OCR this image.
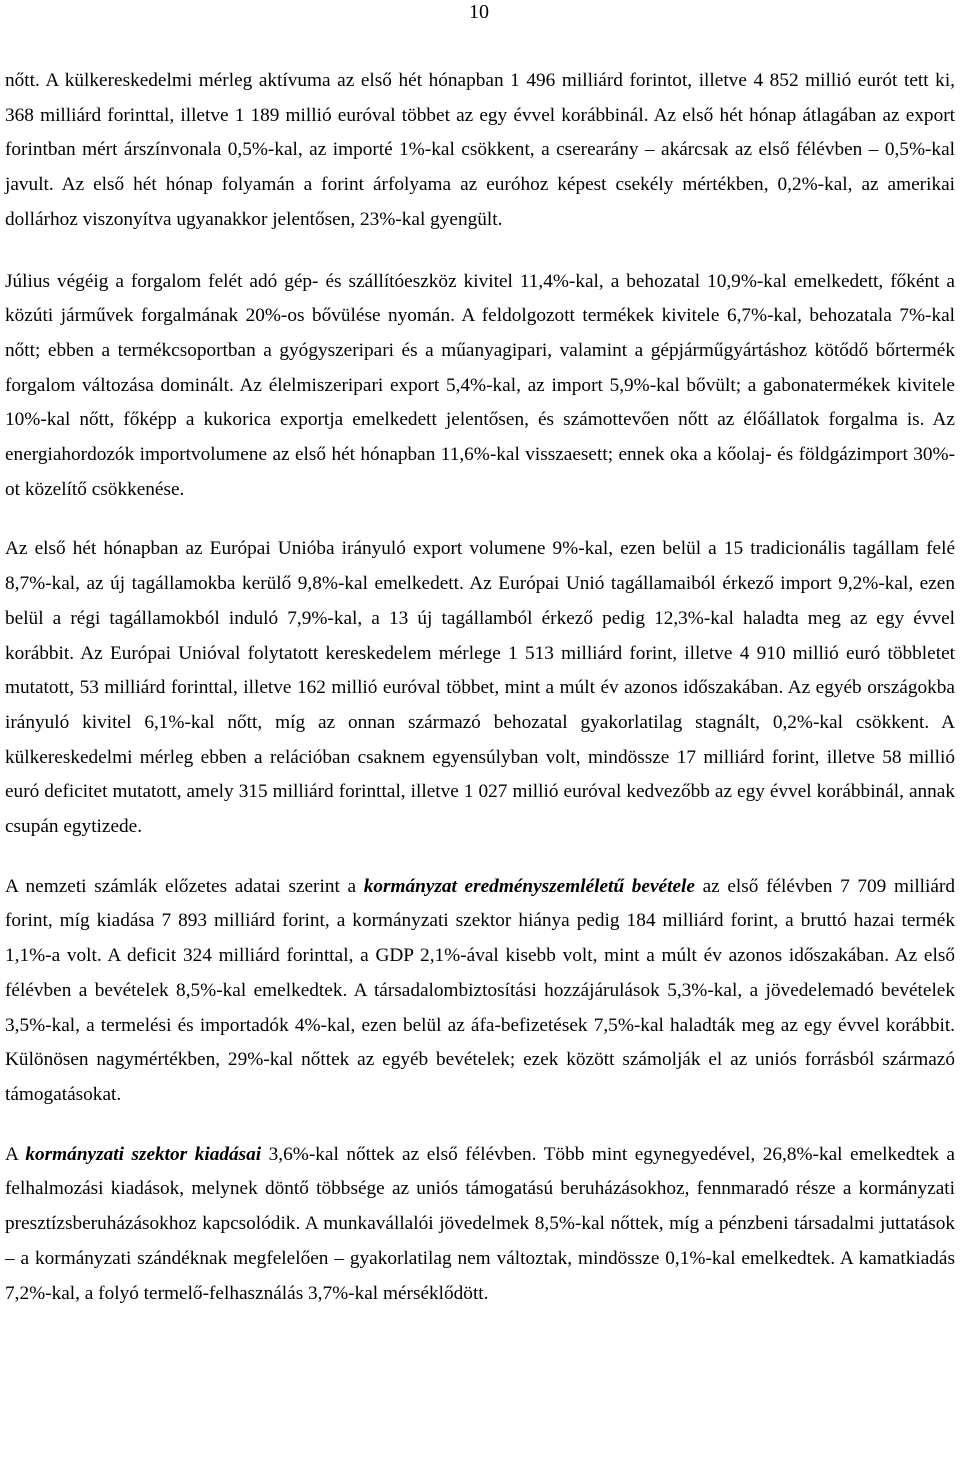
10

nőtt. A külkereskedelmi mérleg aktívuma az első hét hónapban 1 496 milliárd forintot, illetve 4 852 millió eurót tett ki, 368 milliárd forinttal, illetve 1 189 millió euróval többet az egy évvel korábbinál. Az első hét hónap átlagában az export forintban mért árszínvonala 0,5%-kal, az importé 1%-kal csökkent, a cserearány – akárcsak az első félévben – 0,5%-kal javult. Az első hét hónap folyamán a forint árfolyama az euróhoz képest csekély mértékben, 0,2%-kal, az amerikai dollárhoz viszonyítva ugyanakkor jelentősen, 23%-kal gyengült.

Július végéig a forgalom felét adó gép- és szállítóeszköz kivitel 11,4%-kal, a behozatal 10,9%-kal emelkedett, főként a közúti járművek forgalmának 20%-os bővülése nyomán. A feldolgozott termékek kivitele 6,7%-kal, behozatala 7%-kal nőtt; ebben a termékcsoportban a gyógyszeripari és a műanyagipari, valamint a gépjárműgyártáshoz kötődő bőrtermék forgalom változása dominált. Az élelmiszeripari export 5,4%-kal, az import 5,9%-kal bővült; a gabonatermékek kivitele 10%-kal nőtt, főképp a kukorica exportja emelkedett jelentősen, és számottevően nőtt az élőállatok forgalma is. Az energiahordozók importvolumene az első hét hónapban 11,6%-kal visszaesett; ennek oka a kőolaj- és földgázimport 30%-ot közelítő csökkenése.

Az első hét hónapban az Európai Unióba irányuló export volumene 9%-kal, ezen belül a 15 tradicionális tagállam felé 8,7%-kal, az új tagállamokba kerülő 9,8%-kal emelkedett. Az Európai Unió tagállamaiból érkező import 9,2%-kal, ezen belül a régi tagállamokból induló 7,9%-kal, a 13 új tagállamból érkező pedig 12,3%-kal haladta meg az egy évvel korábbit. Az Európai Unióval folytatott kereskedelem mérlege 1 513 milliárd forint, illetve 4 910 millió euró többletet mutatott, 53 milliárd forinttal, illetve 162 millió euróval többet, mint a múlt év azonos időszakában. Az egyéb országokba irányuló kivitel 6,1%-kal nőtt, míg az onnan származó behozatal gyakorlatilag stagnált, 0,2%-kal csökkent. A külkereskedelmi mérleg ebben a relációban csaknem egyensúlyban volt, mindössze 17 milliárd forint, illetve 58 millió euró deficitet mutatott, amely 315 milliárd forinttal, illetve 1 027 millió euróval kedvezőbb az egy évvel korábbinál, annak csupán egytizede.

A nemzeti számlák előzetes adatai szerint a kormányzat eredményszemléletű bevétele az első félévben 7 709 milliárd forint, míg kiadása 7 893 milliárd forint, a kormányzati szektor hiánya pedig 184 milliárd forint, a bruttó hazai termék 1,1%-a volt. A deficit 324 milliárd forinttal, a GDP 2,1%-ával kisebb volt, mint a múlt év azonos időszakában. Az első félévben a bevételek 8,5%-kal emelkedtek. A társadalombiztosítási hozzájárulások 5,3%-kal, a jövedelemadó bevételek 3,5%-kal, a termelési és importadók 4%-kal, ezen belül az áfa-befizetések 7,5%-kal haladták meg az egy évvel korábbit. Különösen nagymértékben, 29%-kal nőttek az egyéb bevételek; ezek között számolják el az uniós forrásból származó támogatásokat.

A kormányzati szektor kiadásai 3,6%-kal nőttek az első félévben. Több mint egynegyedével, 26,8%-kal emelkedtek a felhalmozási kiadások, melynek döntő többsége az uniós támogatású beruházásokhoz, fennmaradó része a kormányzati presztízsberuházásokhoz kapcsolódik. A munkavállalói jövedelmek 8,5%-kal nőttek, míg a pénzbeni társadalmi juttatások – a kormányzati szándéknak megfelelően – gyakorlatilag nem változtak, mindössze 0,1%-kal emelkedtek. A kamatkiadás 7,2%-kal, a folyó termelő-felhasználás 3,7%-kal mérséklődött.
